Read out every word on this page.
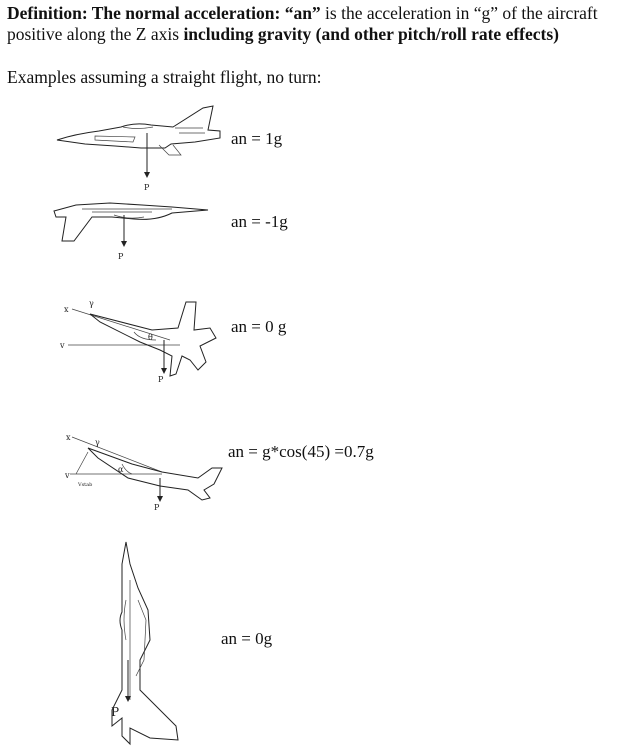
Definition: The normal acceleration: “an” is the acceleration in “g” of the aircraft positive along the Z axis including gravity (and other pitch/roll rate effects)
Examples assuming a straight flight, no turn:
P
an = 1g
P
an = -1g
x
γ
v
θ
P
an = 0 g
x
γ
v
Vstab
α
P
an = g*cos(45) =0.7g
P
an = 0g
